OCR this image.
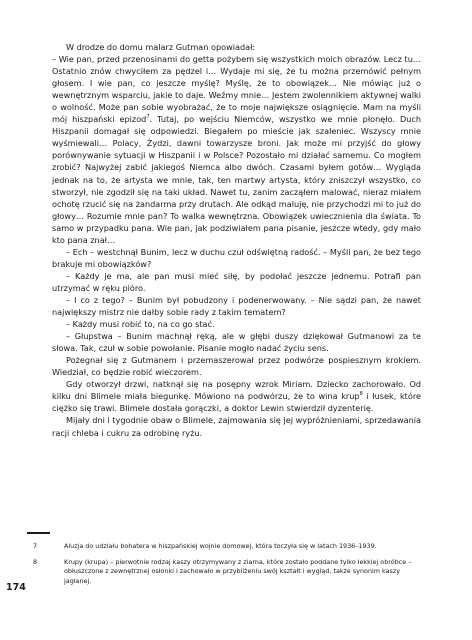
W drodze do domu malarz Gutman opowiadał:

– Wie pan, przed przenosinami do getta pożybem się wszystkich moich obrazów. Lecz tu… Ostatnio znów chwyciłem za pędzel i… Wydaje mi się, że tu można przemówić pełnym głosem. I wie pan, co jeszcze myślę? Myślę, że to obowiązek… Nie mówiąc już o wewnętrznym wsparciu, jakie to daje. Weźmy mnie… Jestem zwolennikiem aktywnej walki o wolność. Może pan sobie wyobrażać, że to moje największe osiągnięcie. Mam na myśli mój hiszpański epizod$^7$. Tutaj, po wejściu Niemców, wszystko we mnie płonęło. Duch Hiszpanii domagał się odpowiedzi. Biegałem po mieście jak szaleniec. Wszyscy mnie wyśmiewali… Polacy, Żydzi, dawni towarzysze broni. Jak może mi przyjść do głowy porównywanie sytuacji w Hiszpanii i w Polsce? Pozostało mi działać samemu. Co mogłem zrobić? Najwyżej zabić jakiegoś Niemca albo dwóch. Czasami byłem gotów… Wygląda jednak na to, że artysta we mnie, tak, ten martwy artysta, który zniszczył wszystko, co stworzył, nie zgodził się na taki układ. Nawet tu, zanim zacząłem malować, nieraz miałem ochotę rzucić się na żandarma przy drutach. Ale odkąd maluję, nie przychodzi mi to już do głowy… Rozumie mnie pan? To walka wewnętrzna. Obowiązek uwiecznienia dla świata. To samo w przypadku pana. Wie pan, jak podziwiałem pana pisanie, jeszcze wtedy, gdy mało kto pana znał…

– Ech – westchnął Bunim, lecz w duchu czuł odświętną radość. – Myśli pan, że bez tego brakuje mi obowiązków?

– Każdy je ma, ale pan musi mieć siłę, by podołać jeszcze jednemu. Potrafi pan utrzymać w ręku pióro.

– I co z tego? – Bunim był pobudzony i podenerwowany. – Nie sądzi pan, że nawet największy mistrz nie dałby sobie rady z takim tematem?

– Każdy musi robić to, na co go stać.

– Głupstwa – Bunim machnął ręką, ale w głębi duszy dziękował Gutmanowi za te słowa. Tak, czuł w sobie powołanie. Pisanie mogło nadać życiu sens.

Pożegnał się z Gutmanem i przemaszerował przez podwórze pospiesznym krokiem. Wiedział, co będzie robić wieczorem.

Gdy otworzył drzwi, natknął się na posępny wzrok Miriam. Dziecko zachorowało. Od kilku dni Blimele miała biegunkę. Mówiono na podwórzu, że to wina krup$^8$ i łusek, które ciężko się trawi. Blimele dostała gorączki, a doktor Lewin stwierdził dyzenterię.

Mijały dni i tygodnie obaw o Blimele, zajmowania się jej wypróżnieniami, sprzedawania racji chleba i cukru za odrobinę ryżu.

7	Aluzja do udziału bohatera w hiszpańskiej wojnie domowej, która toczyła się w latach 1936–1939.
8	Krupy (krupa) – pierwotnie rodzaj kaszy otrzymywany z ziarna, które zostało poddane tylko lekkiej obróbce – obłuszczone z zewnętrznej osłonki i zachowało w przybliżeniu swój kształt i wygląd, także synonim kaszy jaglanej.
174
